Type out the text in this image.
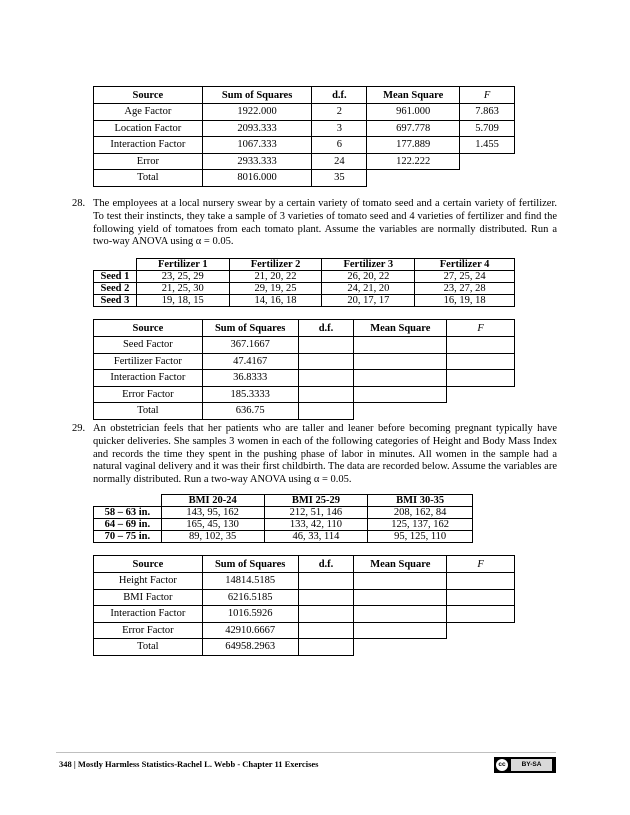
Source	Sum of Squares	d.f.	Mean Square	F
Age Factor	1922.000	2	961.000	7.863
Location Factor	2093.333	3	697.778	5.709
Interaction Factor	1067.333	6	177.889	1.455
Error	2933.333	24	122.222	
Total	8016.000	35		
28. The employees at a local nursery swear by a certain variety of tomato seed and a certain variety of fertilizer. To test their instincts, they take a sample of 3 varieties of tomato seed and 4 varieties of fertilizer and find the following yield of tomatoes from each tomato plant. Assume the variables are normally distributed. Run a two-way ANOVA using α = 0.05.
	Fertilizer 1	Fertilizer 2	Fertilizer 3	Fertilizer 4
Seed 1	23, 25, 29	21, 20, 22	26, 20, 22	27, 25, 24
Seed 2	21, 25, 30	29, 19, 25	24, 21, 20	23, 27, 28
Seed 3	19, 18, 15	14, 16, 18	20, 17, 17	16, 19, 18
Source	Sum of Squares	d.f.	Mean Square	F
Seed Factor	367.1667			
Fertilizer Factor	47.4167			
Interaction Factor	36.8333			
Error Factor	185.3333			
Total	636.75			
29. An obstetrician feels that her patients who are taller and leaner before becoming pregnant typically have quicker deliveries. She samples 3 women in each of the following categories of Height and Body Mass Index and records the time they spent in the pushing phase of labor in minutes. All women in the sample had a natural vaginal delivery and it was their first childbirth. The data are recorded below. Assume the variables are normally distributed. Run a two-way ANOVA using α = 0.05.
	BMI 20-24	BMI 25-29	BMI 30-35
58 – 63 in.	143, 95, 162	212, 51, 146	208, 162, 84
64 – 69 in.	165, 45, 130	133, 42, 110	125, 137, 162
70 – 75 in.	89, 102, 35	46, 33, 114	95, 125, 110
Source	Sum of Squares	d.f.	Mean Square	F
Height Factor	14814.5185			
BMI Factor	6216.5185			
Interaction Factor	1016.5926			
Error Factor	42910.6667			
Total	64958.2963			
348 | Mostly Harmless Statistics-Rachel L. Webb - Chapter 11 Exercises	cc	BY-SA
